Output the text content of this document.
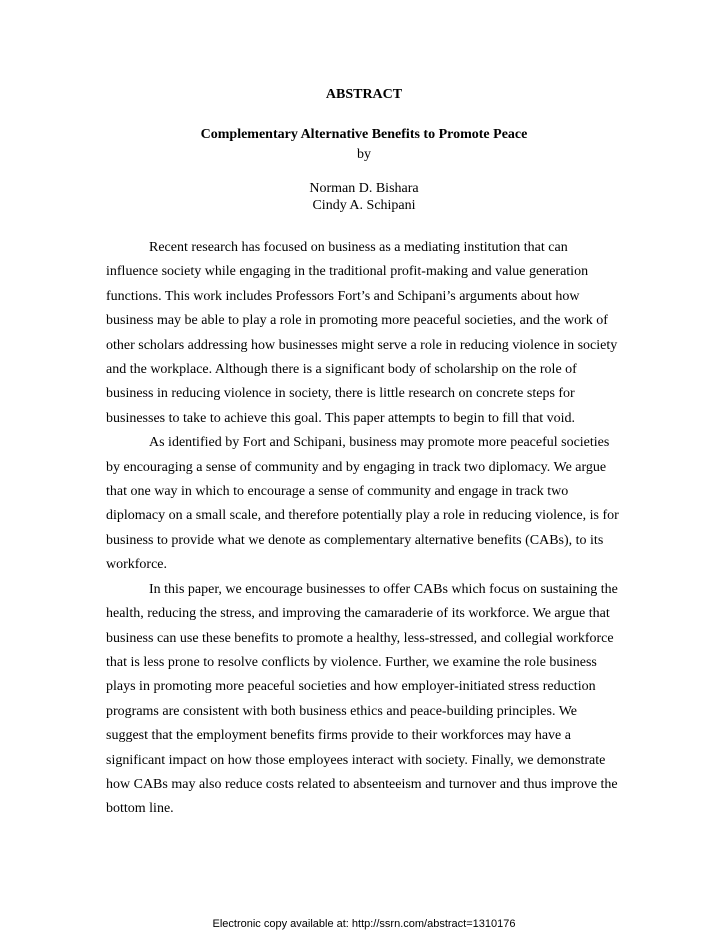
ABSTRACT
Complementary Alternative Benefits to Promote Peace
by
Norman D. Bishara
Cindy A. Schipani

Recent research has focused on business as a mediating institution that can influence society while engaging in the traditional profit-making and value generation functions. This work includes Professors Fort’s and Schipani’s arguments about how business may be able to play a role in promoting more peaceful societies, and the work of other scholars addressing how businesses might serve a role in reducing violence in society and the workplace. Although there is a significant body of scholarship on the role of business in reducing violence in society, there is little research on concrete steps for businesses to take to achieve this goal. This paper attempts to begin to fill that void.

As identified by Fort and Schipani, business may promote more peaceful societies by encouraging a sense of community and by engaging in track two diplomacy. We argue that one way in which to encourage a sense of community and engage in track two diplomacy on a small scale, and therefore potentially play a role in reducing violence, is for business to provide what we denote as complementary alternative benefits (CABs), to its workforce.

In this paper, we encourage businesses to offer CABs which focus on sustaining the health, reducing the stress, and improving the camaraderie of its workforce. We argue that business can use these benefits to promote a healthy, less-stressed, and collegial workforce that is less prone to resolve conflicts by violence. Further, we examine the role business plays in promoting more peaceful societies and how employer-initiated stress reduction programs are consistent with both business ethics and peace-building principles. We suggest that the employment benefits firms provide to their workforces may have a significant impact on how those employees interact with society. Finally, we demonstrate how CABs may also reduce costs related to absenteeism and turnover and thus improve the bottom line.

Electronic copy available at: http://ssrn.com/abstract=1310176
